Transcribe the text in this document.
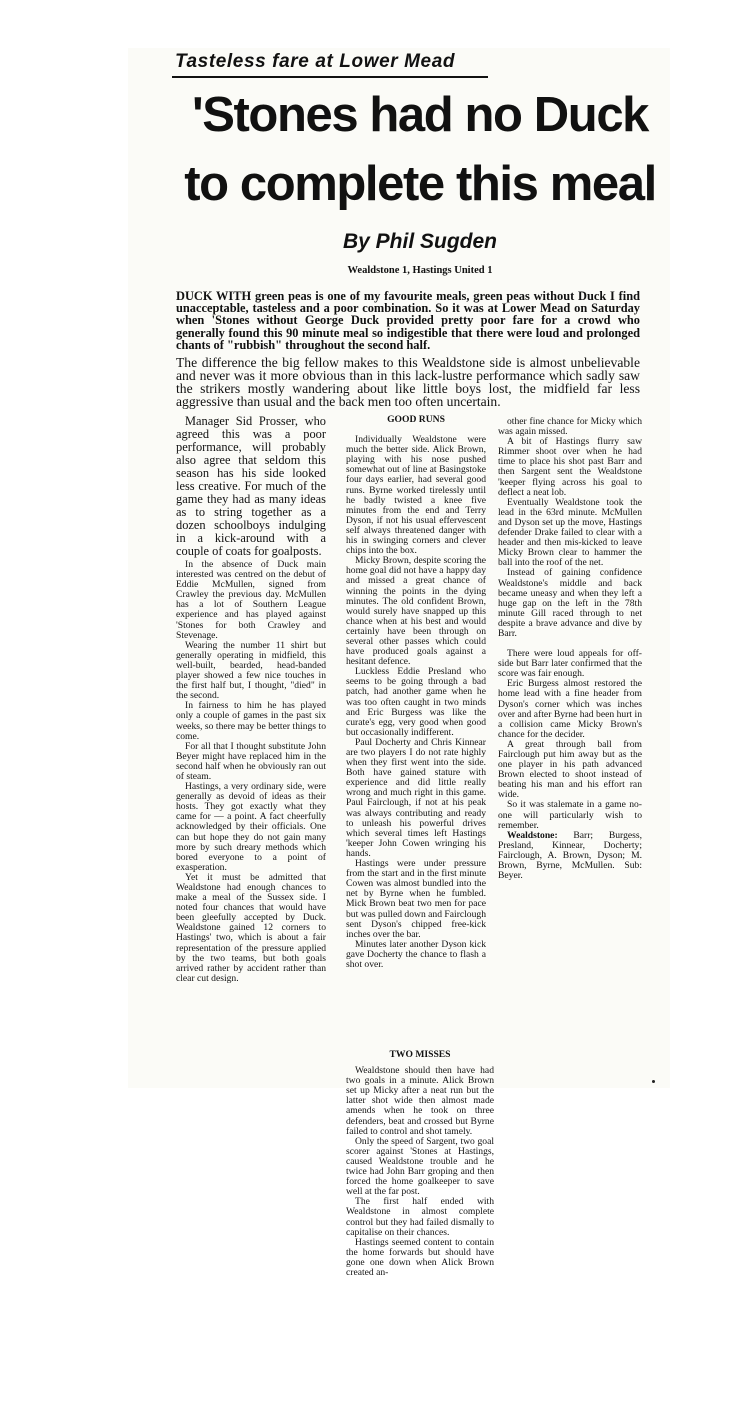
Tasteless fare at Lower Mead
'Stones had no Duck
to complete this meal
By Phil Sugden
Wealdstone 1, Hastings United 1

DUCK WITH green peas is one of my favourite meals, green peas without Duck I find unacceptable, tasteless and a poor combination. So it was at Lower Mead on Saturday when 'Stones without George Duck provided pretty poor fare for a crowd who generally found this 90 minute meal so indigestible that there were loud and prolonged chants of "rubbish" throughout the second half.

The difference the big fellow makes to this Wealdstone side is almost unbelievable and never was it more obvious than in this lack-lustre performance which sadly saw the strikers mostly wandering about like little boys lost, the midfield far less aggressive than usual and the back men too often uncertain.

Manager Sid Prosser, who agreed this was a poor performance, will probably also agree that seldom this season has his side looked less creative. For much of the game they had as many ideas as to string together as a dozen schoolboys indulging in a kick-around with a couple of coats for goalposts.

In the absence of Duck main interested was centred on the debut of Eddie McMullen, signed from Crawley the previous day. McMullen has a lot of Southern League experience and has played against 'Stones for both Crawley and Stevenage.

Wearing the number 11 shirt but generally operating in midfield, this well-built, bearded, head-banded player showed a few nice touches in the first half but, I thought, "died" in the second.

In fairness to him he has played only a couple of games in the past six weeks, so there may be better things to come.

For all that I thought substitute John Beyer might have replaced him in the second half when he obviously ran out of steam.

Hastings, a very ordinary side, were generally as devoid of ideas as their hosts. They got exactly what they came for — a point. A fact cheerfully acknowledged by their officials. One can but hope they do not gain many more by such dreary methods which bored everyone to a point of exasperation.

Yet it must be admitted that Wealdstone had enough chances to make a meal of the Sussex side. I noted four chances that would have been gleefully accepted by Duck. Wealdstone gained 12 corners to Hastings' two, which is about a fair representation of the pressure applied by the two teams, but both goals arrived rather by accident rather than clear cut design.

GOOD RUNS

Individually Wealdstone were much the better side. Alick Brown, playing with his nose pushed somewhat out of line at Basingstoke four days earlier, had several good runs. Byrne worked tirelessly until he badly twisted a knee five minutes from the end and Terry Dyson, if not his usual effervescent self always threatened danger with his in swinging corners and clever chips into the box.

Micky Brown, despite scoring the home goal did not have a happy day and missed a great chance of winning the points in the dying minutes. The old confident Brown, would surely have snapped up this chance when at his best and would certainly have been through on several other passes which could have produced goals against a hesitant defence.

Luckless Eddie Presland who seems to be going through a bad patch, had another game when he was too often caught in two minds and Eric Burgess was like the curate's egg, very good when good but occasionally indifferent.

Paul Docherty and Chris Kinnear are two players I do not rate highly when they first went into the side. Both have gained stature with experience and did little really wrong and much right in this game. Paul Fairclough, if not at his peak was always contributing and ready to unleash his powerful drives which several times left Hastings 'keeper John Cowen wringing his hands.

Hastings were under pressure from the start and in the first minute Cowen was almost bundled into the net by Byrne when he fumbled. Mick Brown beat two men for pace but was pulled down and Fairclough sent Dyson's chipped free-kick inches over the bar.

Minutes later another Dyson kick gave Docherty the chance to flash a shot over.

other fine chance for Micky which was again missed.

A bit of Hastings flurry saw Rimmer shoot over when he had time to place his shot past Barr and then Sargent sent the Wealdstone 'keeper flying across his goal to deflect a neat lob.

Eventually Wealdstone took the lead in the 63rd minute. McMullen and Dyson set up the move, Hastings defender Drake failed to clear with a header and then mis-kicked to leave Micky Brown clear to hammer the ball into the roof of the net.

Instead of gaining confidence Wealdstone's middle and back became uneasy and when they left a huge gap on the left in the 78th minute Gill raced through to net despite a brave advance and dive by Barr.

There were loud appeals for off-side but Barr later confirmed that the score was fair enough.

Eric Burgess almost restored the home lead with a fine header from Dyson's corner which was inches over and after Byrne had been hurt in a collision came Micky Brown's chance for the decider.

A great through ball from Fairclough put him away but as the one player in his path advanced Brown elected to shoot instead of beating his man and his effort ran wide.

So it was stalemate in a game no-one will particularly wish to remember.

Wealdstone: Barr; Burgess, Presland, Kinnear, Docherty; Fairclough, A. Brown, Dyson; M. Brown, Byrne, McMullen. Sub: Beyer.

TWO MISSES

Wealdstone should then have had two goals in a minute. Alick Brown set up Micky after a neat run but the latter shot wide then almost made amends when he took on three defenders, beat and crossed but Byrne failed to control and shot tamely.

Only the speed of Sargent, two goal scorer against 'Stones at Hastings, caused Wealdstone trouble and he twice had John Barr groping and then forced the home goalkeeper to save well at the far post.

The first half ended with Wealdstone in almost complete control but they had failed dismally to capitalise on their chances.

Hastings seemed content to contain the home forwards but should have gone one down when Alick Brown created an-
